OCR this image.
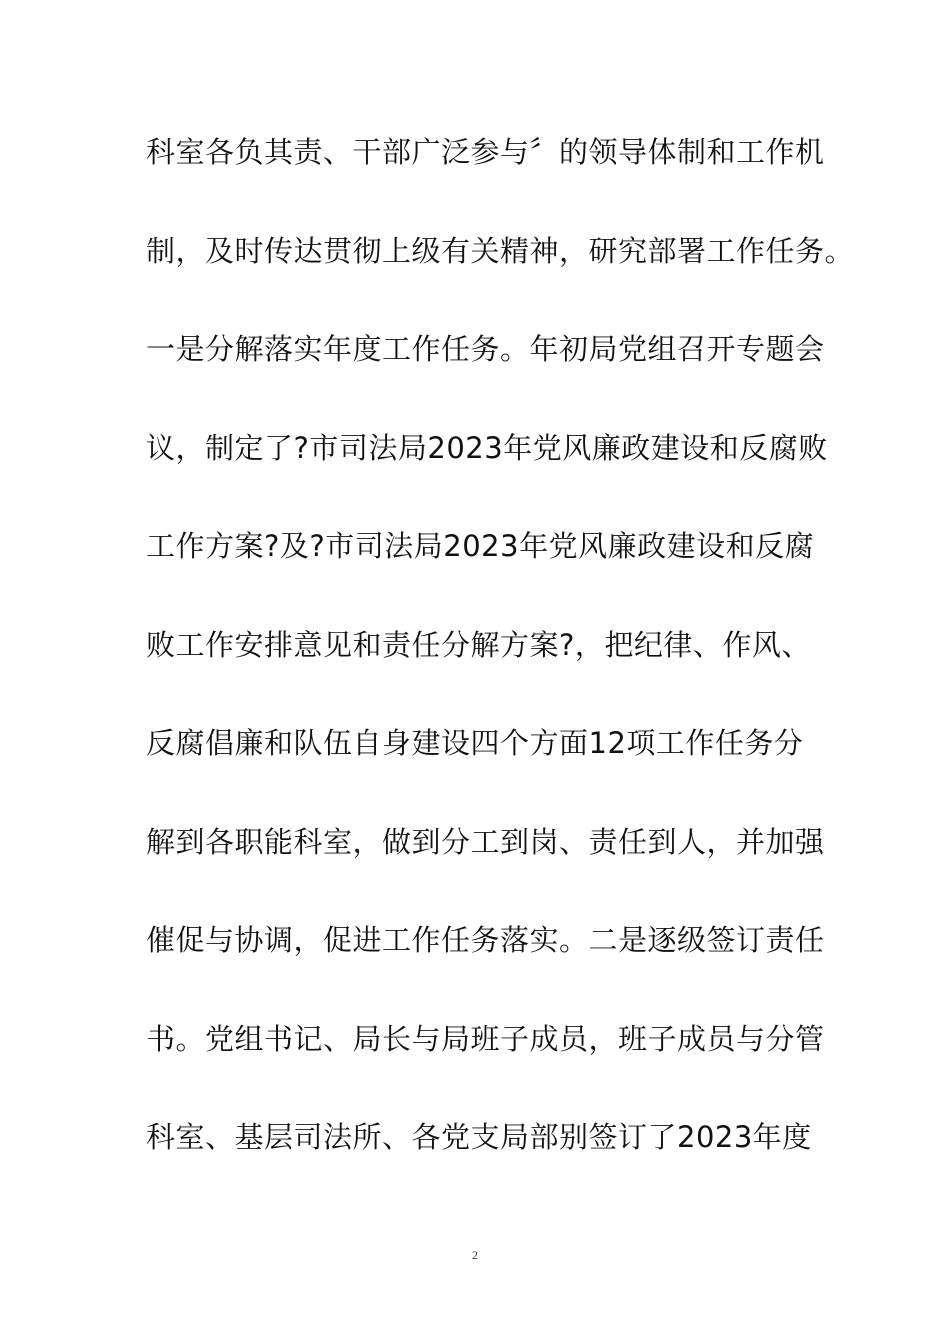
科室各负其责、干部广泛参与〞的领导体制和工作机
制，及时传达贯彻上级有关精神，研究部署工作任务。
一是分解落实年度工作任务。年初局党组召开专题会
议，制定了?市司法局2023年党风廉政建设和反腐败
工作方案?及?市司法局2023年党风廉政建设和反腐
败工作安排意见和责任分解方案?，把纪律、作风、
反腐倡廉和队伍自身建设四个方面12项工作任务分
解到各职能科室，做到分工到岗、责任到人，并加强
催促与协调，促进工作任务落实。二是逐级签订责任
书。党组书记、局长与局班子成员，班子成员与分管
科室、基层司法所、各党支局部别签订了2023年度
2
